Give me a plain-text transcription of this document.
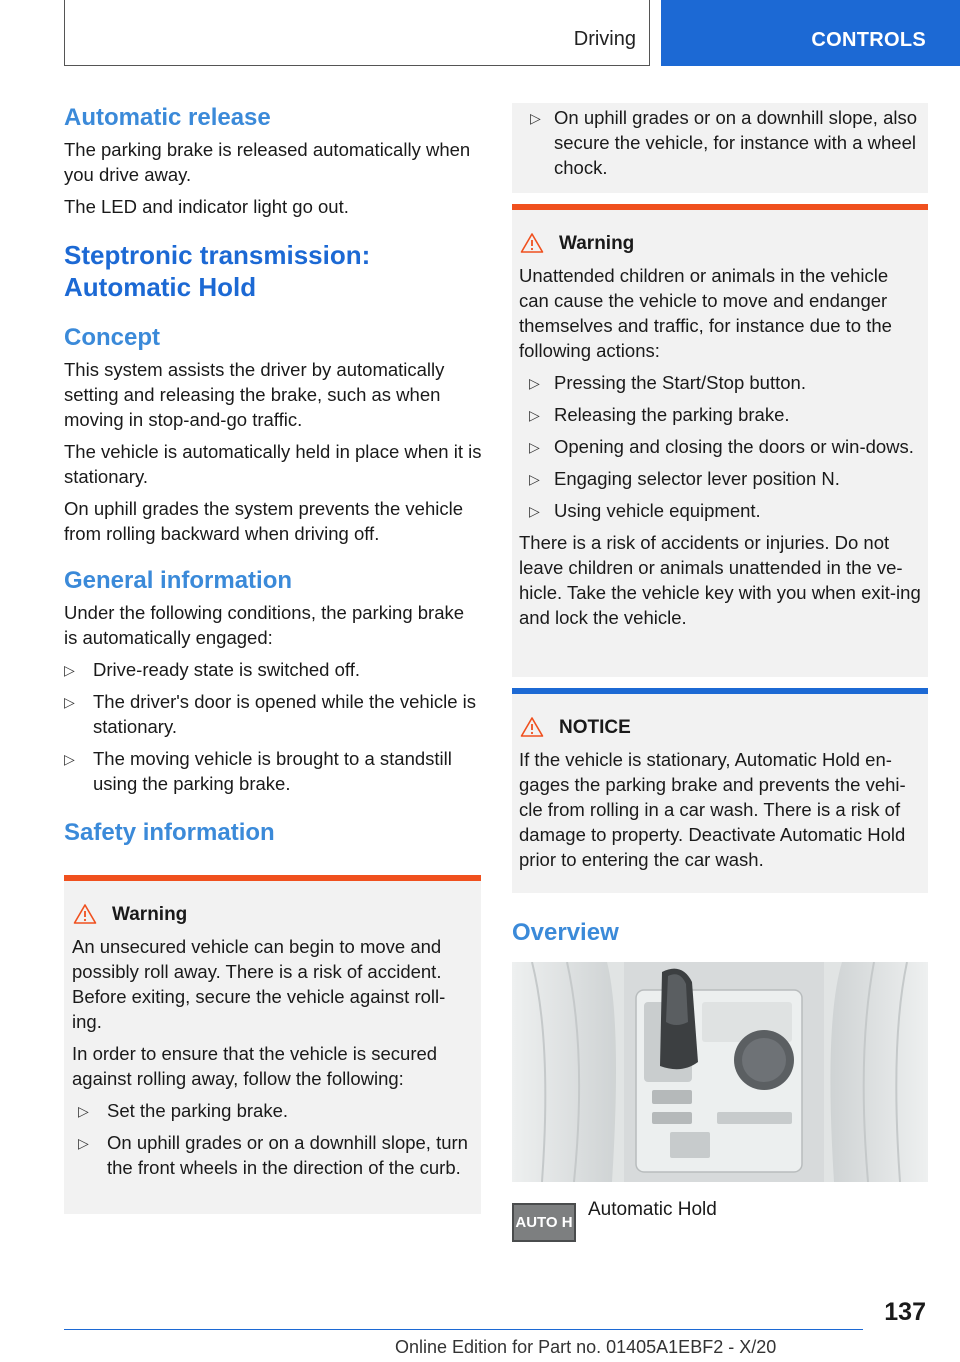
Driving	CONTROLS
Automatic release
The parking brake is released automatically when you drive away.
The LED and indicator light go out.
Steptronic transmission:
Automatic Hold
Concept
This system assists the driver by automatically setting and releasing the brake, such as when moving in stop-and-go traffic.
The vehicle is automatically held in place when it is stationary.
On uphill grades the system prevents the vehicle from rolling backward when driving off.
General information
Under the following conditions, the parking brake is automatically engaged:
▷ Drive-ready state is switched off.
▷ The driver's door is opened while the vehicle is stationary.
▷ The moving vehicle is brought to a standstill using the parking brake.
Safety information
Warning
An unsecured vehicle can begin to move and possibly roll away. There is a risk of accident. Before exiting, secure the vehicle against roll-ing.
In order to ensure that the vehicle is secured against rolling away, follow the following:
▷ Set the parking brake.
▷ On uphill grades or on a downhill slope, turn the front wheels in the direction of the curb.
▷ On uphill grades or on a downhill slope, also secure the vehicle, for instance with a wheel chock.
Warning
Unattended children or animals in the vehicle can cause the vehicle to move and endanger themselves and traffic, for instance due to the following actions:
▷ Pressing the Start/Stop button.
▷ Releasing the parking brake.
▷ Opening and closing the doors or win-dows.
▷ Engaging selector lever position N.
▷ Using vehicle equipment.
There is a risk of accidents or injuries. Do not leave children or animals unattended in the ve-hicle. Take the vehicle key with you when exit-ing and lock the vehicle.
NOTICE
If the vehicle is stationary, Automatic Hold en-gages the parking brake and prevents the vehi-cle from rolling in a car wash. There is a risk of damage to property. Deactivate Automatic Hold prior to entering the car wash.
Overview
AUTO H
Automatic Hold
137
Online Edition for Part no. 01405A1EBF2 - X/20
